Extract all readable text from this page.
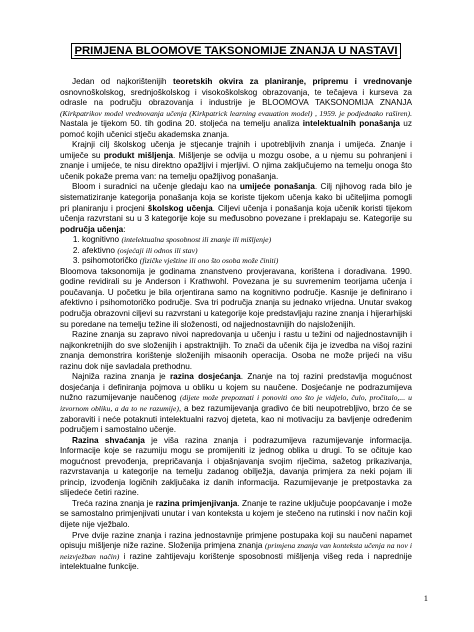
PRIMJENA BLOOMOVE TAKSONOMIJE ZNANJA U NASTAVI

Jedan od najkorištenijih teoretskih okvira za planiranje, pripremu i vrednovanje osnovnoškolskog, srednjoškolskog i visokoškolskog obrazovanja, te tečajeva i kurseva za odrasle na području obrazovanja i industrije je BLOOMOVA TAKSONOMIJA ZNANJA (Kirkpatrikov model vrednovanja učenja (Kirkpatrick learning evauation model) , 1959. je podjednako raširen). Nastala je tijekom 50. tih godina 20. stoljeća na temelju analiza intelektualnih ponašanja uz pomoć kojih učenici stječu akademska znanja.

Krajnji cilj školskog učenja je stjecanje trajnih i upotrebljivih znanja i umijeća. Znanje i umiječe su produkt mišljenja. Mišljenje se odvija u mozgu osobe, a u njemu su pohranjeni i znanje i umijeće, te nisu direktno opažljivi i mjerljivi. O njima zaključujemo na temelju onoga što učenik pokaže prema van: na temelju opažljivog ponašanja.

Bloom i suradnici na učenje gledaju kao na umijeće ponašanja. Cilj njihovog rada bilo je sistematiziranje kategorija ponašanja koja se koriste tijekom učenja kako bi učiteljima pomogli pri planiranju i procjeni školskog učenja. Ciljevi učenja i ponašanja koja učenik koristi tijekom učenja razvrstani su u 3 kategorije koje su međusobno povezane i preklapaju se. Kategorije su područja učenja:

1. kognitivno (intelektualna sposobnost ili znanje ili mišljenje)
2. afektivno (osjećaji ili odnos ili stav)
3. psihomotoričko (fizičke vještine ili ono što osoba može činiti)

Bloomova taksonomija je godinama znanstveno provjeravana, korištena i doradivana. 1990. godine revidirali su je Anderson i Krathwohl. Povezana je su suvremenim teorijama učenja i poučavanja. U početku je bila orjentirana samo na kognitivno područje. Kasnije je definirano i afektivno i psihomotoričko područje. Sva tri područja znanja su jednako vrijedna. Unutar svakog područja obrazovni ciljevi su razvrstani u kategorije koje predstavljaju razine znanja i hijerarhijski su poredane na temelju težine ili složenosti, od najjednostavnijih do najsloženijih.

Razine znanja su zapravo nivoi napredovanja u učenju i rastu u težini od najjednostavnijih i najkonkretnijih do sve složenijih i apstraktnijih. To znači da učenik čija je izvedba na višoj razini znanja demonstrira korištenje složenijih misaonih operacija. Osoba ne može prijeći na višu razinu dok nije savladala prethodnu.

Najniža razina znanja je razina dosjećanja. Znanje na toj razini predstavlja mogućnost dosjećanja i definiranja pojmova u obliku u kojem su naučene. Dosjećanje ne podrazumijeva nužno razumijevanje naučenog (dijete može prepoznati i ponoviti ono što je vidjelo, čulo, pročitalo,... u izvornom obliku, a da to ne razumije), a bez razumijevanja gradivo će biti neupotrebljivo, brzo će se zaboraviti i neće potaknuti intelektualni razvoj djeteta, kao ni motivaciju za bavljenje određenim područjem i samostalno učenje.

Razina shvaćanja je viša razina znanja i podrazumijeva razumijevanje informacija. Informacije koje se razumiju mogu se promijeniti iz jednog oblika u drugi. To se očituje kao mogućnost prevođenja, prepričavanja i objašnjavanja svojim riječima, sažetog prikazivanja, razvrstavanja u kategorije na temelju zadanog obilježja, davanja primjera za neki pojam ili princip, izvođenja logičnih zaključaka iz danih informacija. Razumijevanje je pretpostavka za slijedeće četiri razine.

Treća razina znanja je razina primjenjivanja. Znanje te razine uključuje poopćavanje i može se samostalno primjenjivati unutar i van konteksta u kojem je stečeno na rutinski i nov način koji dijete nije vježbalo.

Prve dvije razine znanja i razina jednostavnije primjene postupaka koji su naučeni napamet opisuju mišljenje niže razine. Složenija primjena znanja (primjena znanja van konteksta učenja na nov i neizvježban način) i razine zahtijevaju korištenje sposobnosti mišljenja višeg reda i naprednije intelektualne funkcije.

1
